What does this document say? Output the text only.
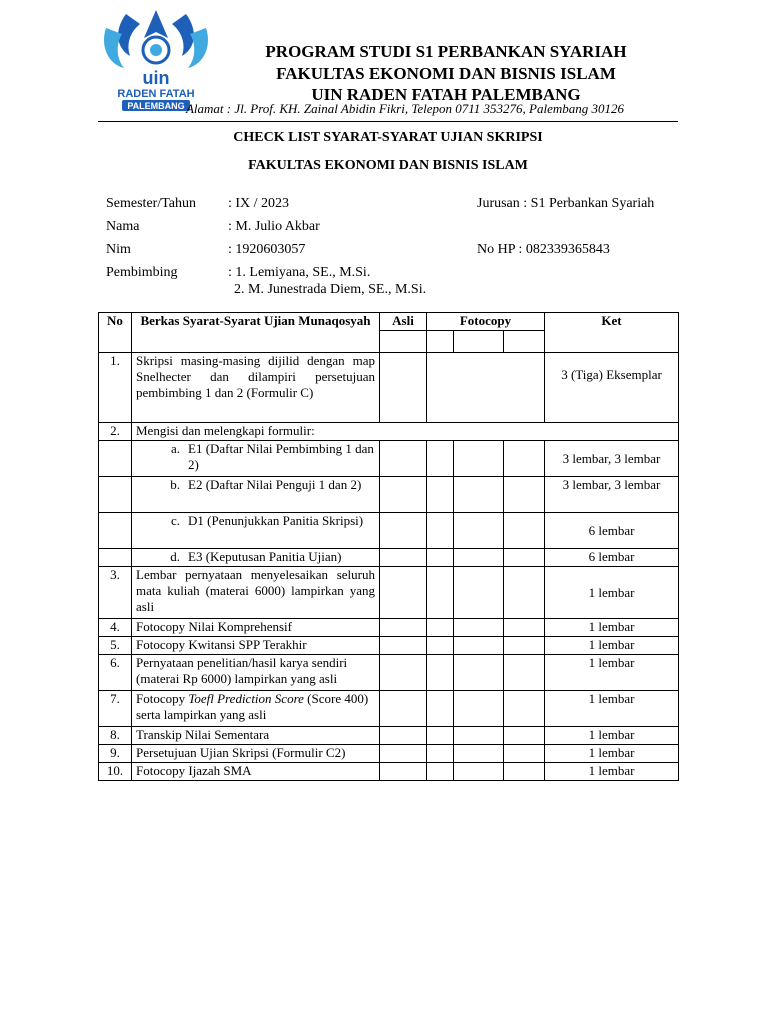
uin
RADEN FATAH
PALEMBANG
PROGRAM STUDI S1 PERBANKAN SYARIAH
FAKULTAS EKONOMI DAN BISNIS ISLAM
UIN RADEN FATAH PALEMBANG
Alamat : Jl. Prof. KH. Zainal Abidin Fikri, Telepon 0711 353276, Palembang 30126
CHECK LIST SYARAT-SYARAT UJIAN SKRIPSI
FAKULTAS EKONOMI DAN BISNIS ISLAM
Semester/Tahun : IX / 2023	Jurusan : S1 Perbankan Syariah
Nama	: M. Julio Akbar
Nim	: 1920603057	No HP : 082339365843
Pembimbing	: 1. Lemiyana, SE., M.Si.
2. M. Junestrada Diem, SE., M.Si.
No	Berkas Syarat-Syarat Ujian Munaqosyah	Asli	Fotocopy			Ket

1.	Skripsi masing-masing dijilid dengan map Snelhecter dan dilampiri persetujuan pembimbing 1 dan 2 (Formulir C)					3 (Tiga) Eksemplar
2.	Mengisi dan melengkapi formulir:					

	a. E1 (Daftar Nilai Pembimbing 1 dan 2)					3 lembar, 3 lembar

	b. E2 (Daftar Nilai Penguji 1 dan 2)					3 lembar, 3 lembar

	c. D1 (Penunjukkan Panitia Skripsi)					6 lembar

	d. E3 (Keputusan Panitia Ujian)					6 lembar
3.	Lembar pernyataan menyelesaikan seluruh mata kuliah (materai 6000) lampirkan yang asli					1 lembar
4.	Fotocopy Nilai Komprehensif					1 lembar
5.	Fotocopy Kwitansi SPP Terakhir					1 lembar
6.	Pernyataan penelitian/hasil karya sendiri (materai Rp 6000) lampirkan yang asli					1 lembar
7.	Fotocopy Toefl Prediction Score (Score 400) serta lampirkan yang asli					1 lembar
8.	Transkip Nilai Sementara					1 lembar
9.	Persetujuan Ujian Skripsi (Formulir C2)					1 lembar
10.	Fotocopy Ijazah SMA					1 lembar
